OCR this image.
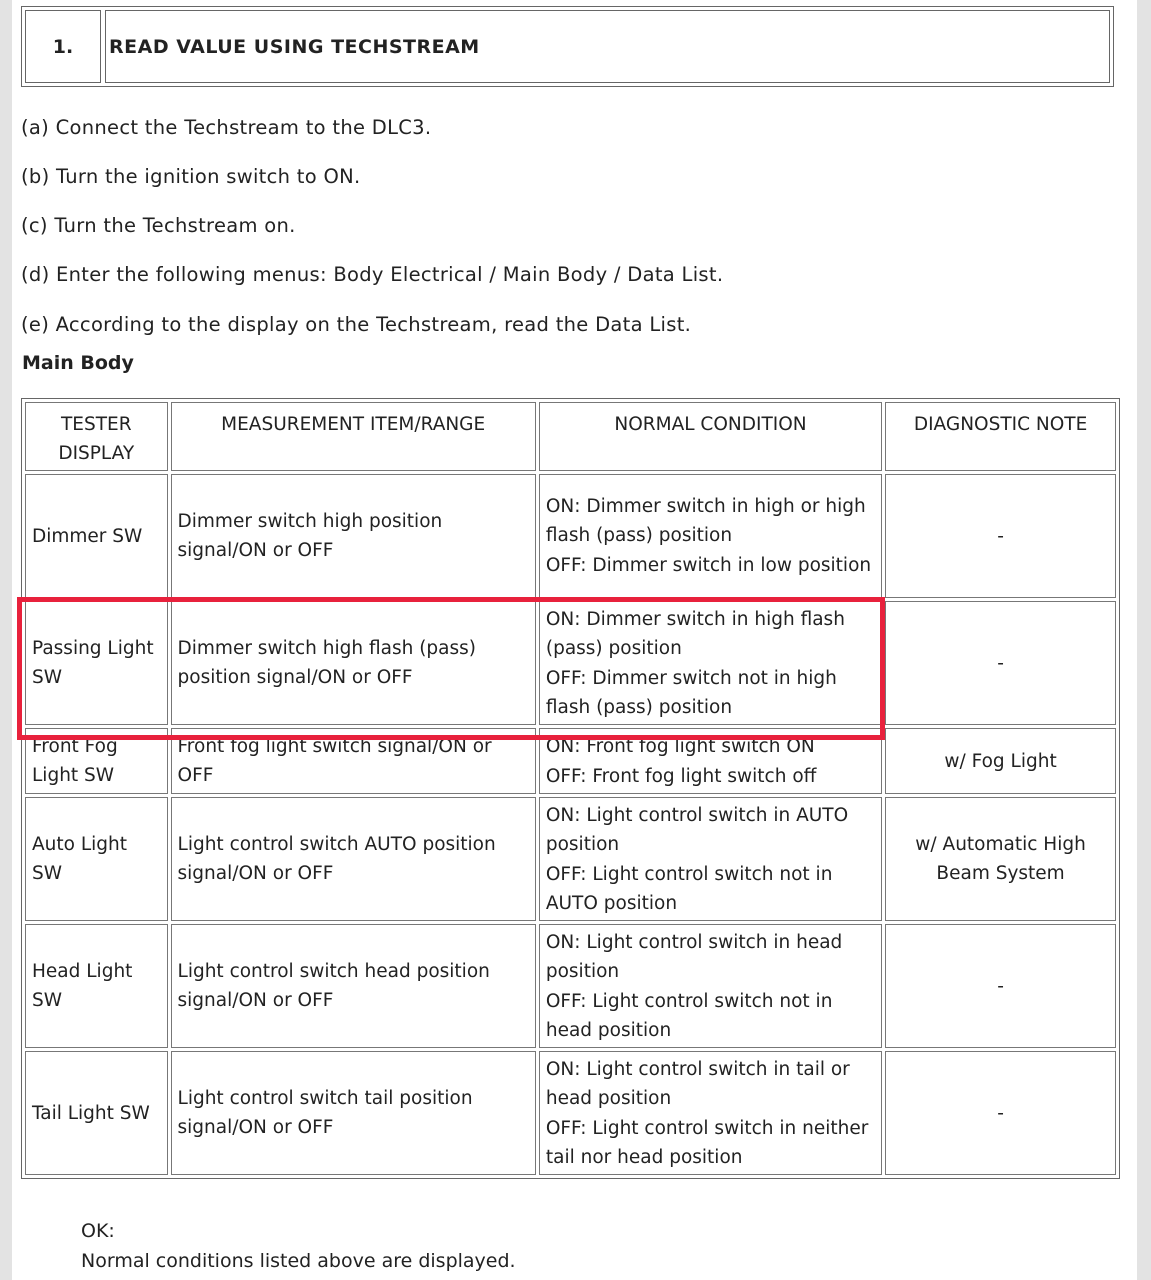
1.	READ VALUE USING TECHSTREAM
(a) Connect the Techstream to the DLC3.
(b) Turn the ignition switch to ON.
(c) Turn the Techstream on.
(d) Enter the following menus: Body Electrical / Main Body / Data List.
(e) According to the display on the Techstream, read the Data List.
Main Body
TESTER DISPLAY	MEASUREMENT ITEM/RANGE	NORMAL CONDITION	DIAGNOSTIC NOTE
Dimmer SW	Dimmer switch high position signal/ON or OFF	ON: Dimmer switch in high or high flash (pass) position

OFF: Dimmer switch in low position	-
Passing Light SW	Dimmer switch high flash (pass) position signal/ON or OFF	ON: Dimmer switch in high flash (pass) position

OFF: Dimmer switch not in high flash (pass) position	-
Front Fog Light SW	Front fog light switch signal/ON or OFF	ON: Front fog light switch ON

OFF: Front fog light switch off	w/ Fog Light
Auto Light SW	Light control switch AUTO position signal/ON or OFF	ON: Light control switch in AUTO position

OFF: Light control switch not in AUTO position	w/ Automatic High Beam System
Head Light SW	Light control switch head position signal/ON or OFF	ON: Light control switch in head position

OFF: Light control switch not in head position	-
Tail Light SW	Light control switch tail position signal/ON or OFF	ON: Light control switch in tail or head position

OFF: Light control switch in neither tail nor head position	-
OK:
Normal conditions listed above are displayed.
